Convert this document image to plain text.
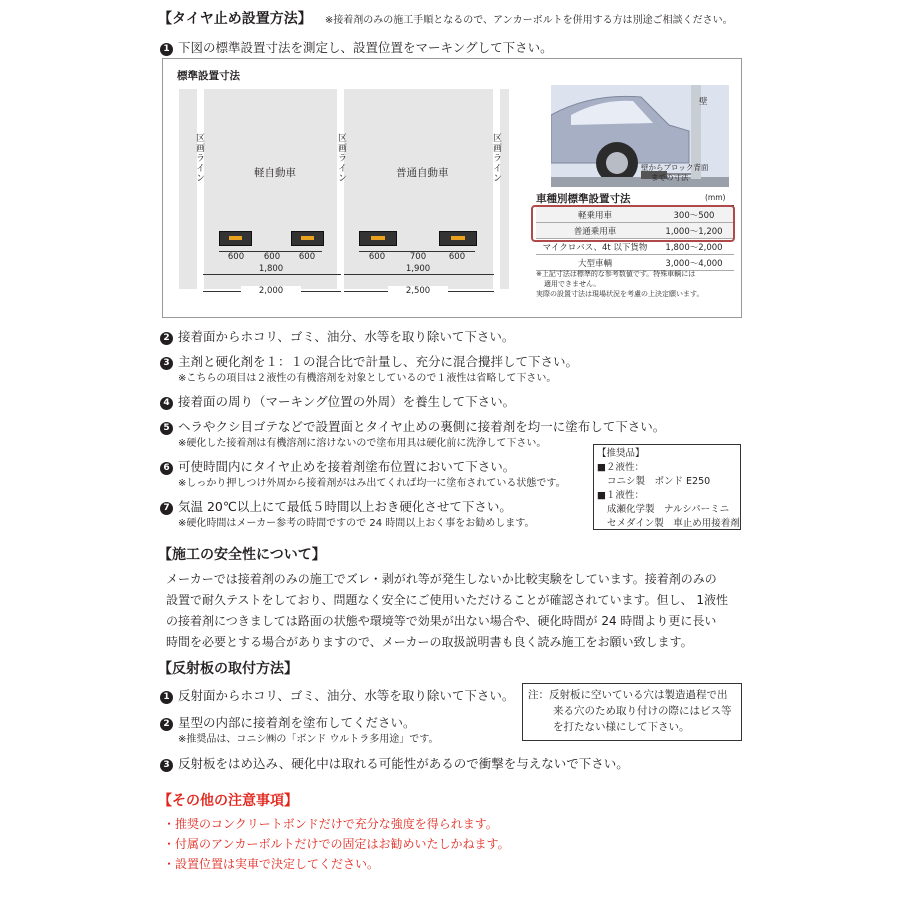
【タイヤ止め設置方法】 ※接着剤のみの施工手順となるので、アンカーボルトを併用する方は別途ご相談ください。
1 下図の標準設置寸法を測定し、設置位置をマーキングして下さい。
標準設置寸法
区画ライン	区画ライン	区画ライン
軽自動車	普通自動車
600	600	600	600	700	600
1,800	1,900
2,000	2,500
壁
壁からブロック背面
までの寸法
車種別標準設置寸法	(mm)
軽乗用車	300～500
普通乗用車	1,000～1,200
マイクロバス、4t 以下貨物	1,800～2,000
大型車輌	3,000～4,000
※上記寸法は標準的な参考数値です。特殊車輌には
適用できません。
実際の設置寸法は現場状況を考慮の上決定願います。
2 接着面からホコリ、ゴミ、油分、水等を取り除いて下さい。
3 主剤と硬化剤を１：１の混合比で計量し、充分に混合攪拌して下さい。
※こちらの項目は２液性の有機溶剤を対象としているので１液性は省略して下さい。
4 接着面の周り（マーキング位置の外周）を養生して下さい。
5 ヘラやクシ目ゴテなどで設置面とタイヤ止めの裏側に接着剤を均一に塗布して下さい。
※硬化した接着剤は有機溶剤に溶けないので塗布用具は硬化前に洗浄して下さい。
6 可使時間内にタイヤ止めを接着剤塗布位置において下さい。
※しっかり押しつけ外周から接着剤がはみ出てくれば均一に塗布されている状態です。
7 気温 20℃以上にて最低５時間以上おき硬化させて下さい。
※硬化時間はメーカー参考の時間ですので 24 時間以上おく事をお勧めします。
【推奨品】
■２液性：
コニシ製　ボンド E250
■１液性：
成瀬化学製　ナルシパーミニ
セメダイン製　車止め用接着剤
【施工の安全性について】
メーカーでは接着剤のみの施工でズレ・剥がれ等が発生しないか比較実験をしています。接着剤のみの
設置で耐久テストをしており、問題なく安全にご使用いただけることが確認されています。但し、 1液性
の接着剤につきましては路面の状態や環境等で効果が出ない場合や、硬化時間が 24 時間より更に長い
時間を必要とする場合がありますので、メーカーの取扱説明書も良く読み施工をお願い致します。
【反射板の取付方法】
1 反射面からホコリ、ゴミ、油分、水等を取り除いて下さい。
2 星型の内部に接着剤を塗布してください。
※推奨品は、コニシ㈱の「ボンド ウルトラ多用途」です。
3 反射板をはめ込み、硬化中は取れる可能性があるので衝撃を与えないで下さい。
注：反射板に空いている穴は製造過程で出
来る穴のため取り付けの際にはビス等
を打たない様にして下さい。
【その他の注意事項】
・推奨のコンクリートボンドだけで充分な強度を得られます。
・付属のアンカーボルトだけでの固定はお勧めいたしかねます。
・設置位置は実車で決定してください。
